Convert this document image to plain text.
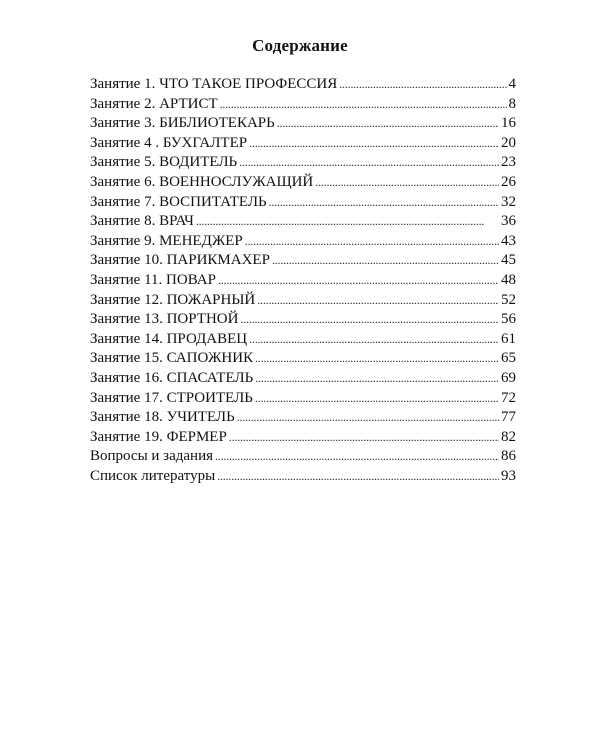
Содержание
Занятие 1. ЧТО ТАКОЕ ПРОФЕССИЯ . . .	4
Занятие 2. АРТИСТ . . .	8
Занятие 3. БИБЛИОТЕКАРЬ . . .	16
Занятие 4 . БУХГАЛТЕР . . .	20
Занятие 5. ВОДИТЕЛЬ . . .	23
Занятие 6. ВОЕННОСЛУЖАЩИЙ . . .	26
Занятие 7. ВОСПИТАТЕЛЬ . . .	32
Занятие 8. ВРАЧ . . .	36
Занятие 9. МЕНЕДЖЕР . . .	43
Занятие 10. ПАРИКМАХЕР . . .	45
Занятие 11. ПОВАР . . .	48
Занятие 12. ПОЖАРНЫЙ . . .	52
Занятие 13. ПОРТНОЙ . . .	56
Занятие 14. ПРОДАВЕЦ . . .	61
Занятие 15. САПОЖНИК . . .	65
Занятие 16. СПАСАТЕЛЬ . . .	69
Занятие 17. СТРОИТЕЛЬ . . .	72
Занятие 18. УЧИТЕЛЬ . . .	77
Занятие 19. ФЕРМЕР . . .	82
Вопросы и задания . . .	86
Список литературы . . .	93
